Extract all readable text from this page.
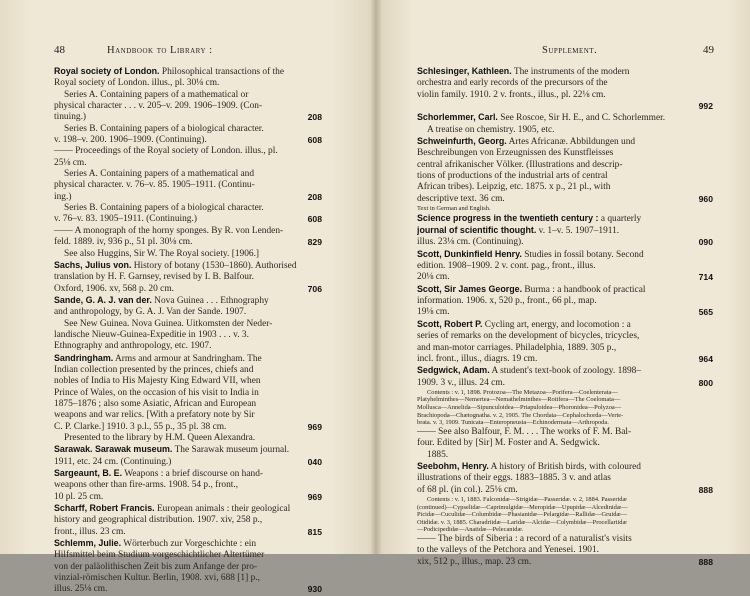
48	Handbook to Library :
Royal society of London. Philosophical transactions of the
Royal society of London. illus., pl. 30⅛ cm.
Series A. Containing papers of a mathematical or
physical character . . . v. 205–v. 209. 1906–1909. (Con-
208
tinuing.)
Series B. Containing papers of a biological character.
608
v. 198–v. 200. 1906–1909. (Continuing).
—— Proceedings of the Royal society of London. illus., pl.
25⅛ cm.
Series A. Containing papers of a mathematical and
physical character. v. 76–v. 85. 1905–1911. (Continu-
208
ing.)
Series B. Containing papers of a biological character.
608
v. 76–v. 83. 1905–1911. (Continuing.)
—— A monograph of the horny sponges. By R. von Lenden-
829
feld. 1889. iv, 936 p., 51 pl. 30⅛ cm.
See also Huggins, Sir W. The Royal society. [1906.]
Sachs, Julius von. History of botany (1530–1860). Authorised
translation by H. F. Garnsey, revised by I. B. Balfour.
706
Oxford, 1906. xv, 568 p. 20 cm.
Sande, G. A. J. van der. Nova Guinea . . . Ethnography
and anthropology, by G. A. J. Van der Sande. 1907.
See New Guinea. Nova Guinea. Uitkomsten der Neder-
landische Nieuw-Guinea-Expeditie in 1903 . . . v. 3.
Ethnography and anthropology, etc. 1907.
Sandringham. Arms and armour at Sandringham. The
Indian collection presented by the princes, chiefs and
nobles of India to His Majesty King Edward VII, when
Prince of Wales, on the occasion of his visit to India in
1875–1876 ; also some Asiatic, African and European
weapons and war relics. [With a prefatory note by Sir
969
C. P. Clarke.] 1910. 3 p.l., 55 p., 35 pl. 38 cm.
Presented to the library by H.M. Queen Alexandra.
Sarawak. Sarawak museum. The Sarawak museum journal.
040
1911, etc. 24 cm. (Continuing.)
Sargeaunt, B. E. Weapons : a brief discourse on hand-
weapons other than fire-arms. 1908. 54 p., front.,
969
10 pl. 25 cm.
Scharff, Robert Francis. European animals : their geological
history and geographical distribution. 1907. xiv, 258 p.,
815
front., illus. 23 cm.
Schlemm, Julie. Wörterbuch zur Vorgeschichte : ein
Hilfsmittel beim Studium vorgeschichtlicher Altertümer
von der paläolithischen Zeit bis zum Anfange der pro-
vinzial-römischen Kultur. Berlin, 1908. xvi, 688 [1] p.,
930
illus. 25⅛ cm.
Supplement.	49
Schlesinger, Kathleen. The instruments of the modern
orchestra and early records of the precursors of the
violin family. 1910. 2 v. fronts., illus., pl. 22⅛ cm.
992
Schorlemmer, Carl. See Roscoe, Sir H. E., and C. Schorlemmer.
A treatise on chemistry. 1905, etc.
Schweinfurth, Georg. Artes Africanæ. Abbildungen und
Beschreibungen von Erzeugnissen des Kunstfleisses
central afrikanischer Völker. (Illustrations and descrip-
tions of productions of the industrial arts of central
African tribes). Leipzig, etc. 1875. x p., 21 pl., with
960
descriptive text. 36 cm.
Text in German and English.
Science progress in the twentieth century : a quarterly
journal of scientific thought. v. 1–v. 5. 1907–1911.
090
illus. 23⅛ cm. (Continuing).
Scott, Dunkinfield Henry. Studies in fossil botany. Second
edition. 1908–1909. 2 v. cont. pag., front., illus.
714
20⅛ cm.
Scott, Sir James George. Burma : a handbook of practical
information. 1906. x, 520 p., front., 66 pl., map.
565
19⅛ cm.
Scott, Robert P. Cycling art, energy, and locomotion : a
series of remarks on the development of bicycles, tricycles,
and man-motor carriages. Philadelphia, 1889. 305 p.,
964
incl. front., illus., diagrs. 19 cm.
Sedgwick, Adam. A student's text-book of zoology. 1898–
800
1909. 3 v., illus. 24 cm.
Contents : v. 1, 1898. Protozoa—The Metazoa—Porifera—Coelenterata—
Platyhelminthes—Nemertea—Nemathelminthes—Rotifera—The Coelomata—
Mollusca—Annelida—Sipunculoidea—Priapuloidea—Phoronidea—Polyzoa—
Brachiopoda—Chætognatha. v. 2, 1905. The Chordata—Cephalochorda—Verte-
brata. v. 3, 1909. Tunicata—Enteropneusta—Echinodermata—Arthropoda.
—— See also Balfour, F. M. . . . The works of F. M. Bal-
four. Edited by [Sir] M. Foster and A. Sedgwick.
1885.
Seebohm, Henry. A history of British birds, with coloured
illustrations of their eggs. 1883–1885. 3 v. and atlas
888
of 68 pl. (in col.). 25⅛ cm.
Contents : v. 1, 1883. Falconidæ—Strigidæ—Passeridæ. v. 2, 1884. Passeridæ
(continued)—Cypselidæ—Caprimulgidæ—Meropidæ—Upupidæ—Alcedinidæ—
Picidæ—Cuculidæ—Columbidæ—Phasianidæ—Pelargidæ—Rallidæ—Gruidæ—
Otididæ. v. 3, 1885. Charadriidæ—Laridæ—Alcidæ—Colymbidæ—Procellariidæ
—Podicipedidæ—Anatidæ—Pelecanidæ.
—— The birds of Siberia : a record of a naturalist's visits
to the valleys of the Petchora and Yenesei. 1901.
888
xix, 512 p., illus., map. 23 cm.
